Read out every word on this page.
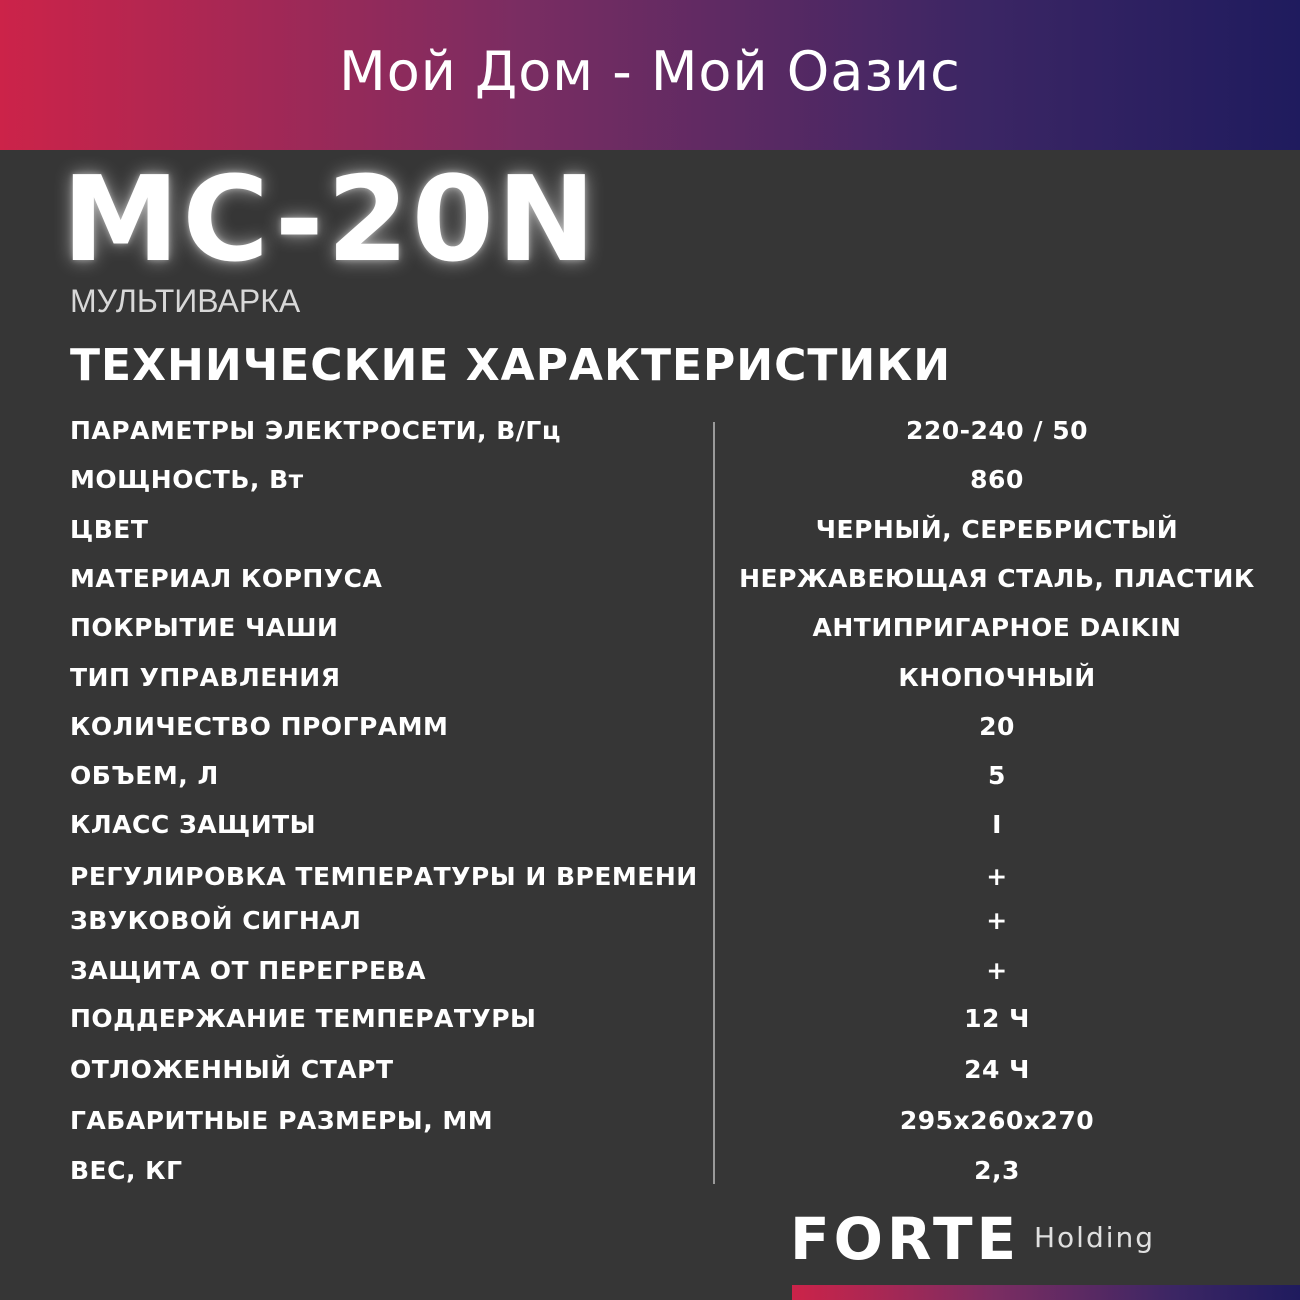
Мой Дом - Мой Оазис
MC-20N
МУЛЬТИВАРКА
ТЕХНИЧЕСКИЕ ХАРАКТЕРИСТИКИ
ПАРАМЕТРЫ ЭЛЕКТРОСЕТИ, В/Гц	220-240 / 50
МОЩНОСТЬ, Вт	860
ЦВЕТ	ЧЕРНЫЙ, СЕРЕБРИСТЫЙ
МАТЕРИАЛ КОРПУСА	НЕРЖАВЕЮЩАЯ СТАЛЬ, ПЛАСТИК
ПОКРЫТИЕ ЧАШИ	АНТИПРИГАРНОЕ DAIKIN
ТИП УПРАВЛЕНИЯ	КНОПОЧНЫЙ
КОЛИЧЕСТВО ПРОГРАММ	20
ОБЪЕМ, Л	5
КЛАСС ЗАЩИТЫ	I
РЕГУЛИРОВКА ТЕМПЕРАТУРЫ И ВРЕМЕНИ	+
ЗВУКОВОЙ СИГНАЛ	+
ЗАЩИТА ОТ ПЕРЕГРЕВА	+
ПОДДЕРЖАНИЕ ТЕМПЕРАТУРЫ	12 Ч
ОТЛОЖЕННЫЙ СТАРТ	24 Ч
ГАБАРИТНЫЕ РАЗМЕРЫ, ММ	295х260х270
ВЕС, КГ	2,3
FORTE Holding
